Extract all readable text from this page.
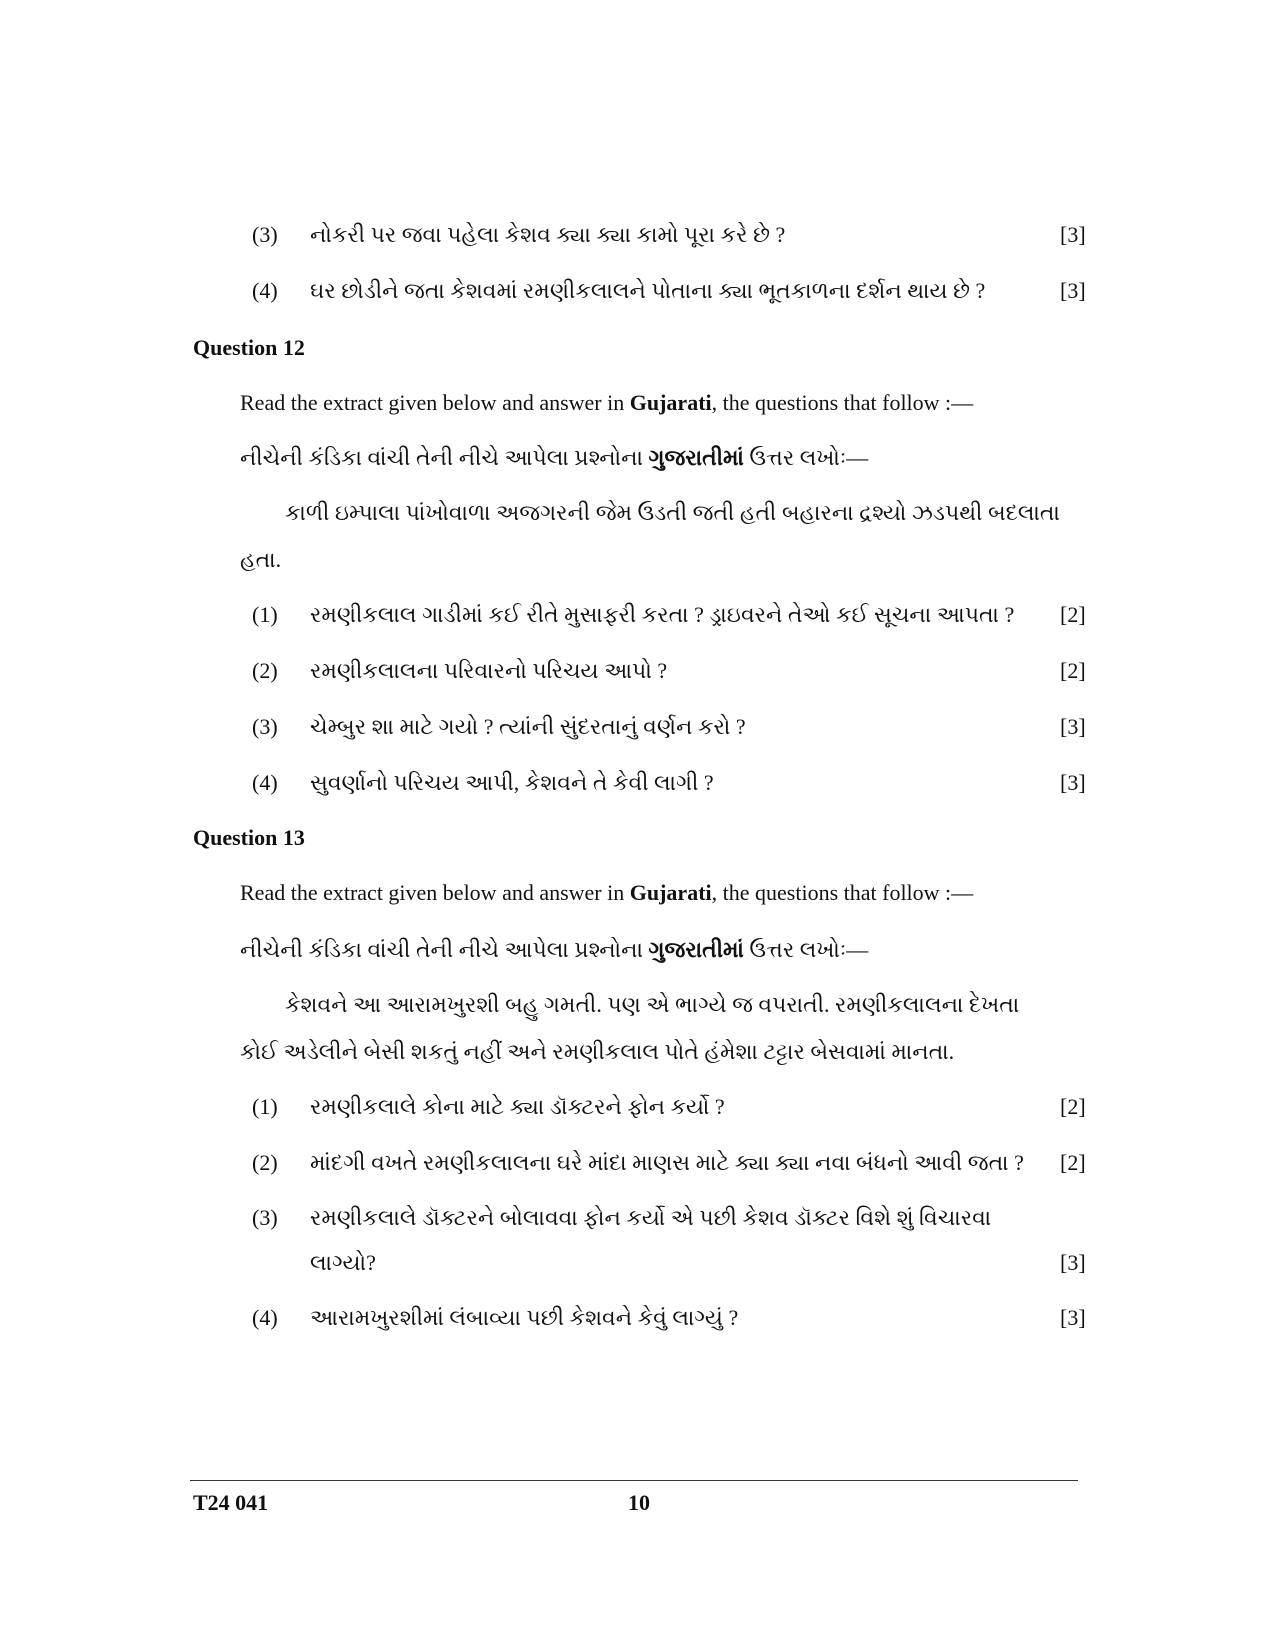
(3) નોકરી પર જવા પહેલા કેશવ ક્યા ક્યા કામો પૂરા કરે છે ?	[3]
(4) ઘર છોડીને જતા કેશવમાં રમણીકલાલને પોતાના ક્યા ભૂતકાળના દર્શન થાય છે ?	[3]
Question 12
Read the extract given below and answer in Gujarati, the questions that follow :—
નીચેની કંડિકા વાંચી તેની નીચે આપેલા પ્રશ્નોના ગુજરાતીમાં ઉત્તર લખોઃ—
કાળી ઇમ્પાલા પાંખોવાળા અજગરની જેમ ઉડતી જતી હતી બહારના દ્રશ્યો ઝડપથી બદલાતા
હતા.
(1) રમણીકલાલ ગાડીમાં કઈ રીતે મુસાફરી કરતા ? ડ્રાઇવરને તેઓ કઈ સૂચના આપતા ? [2]
(2) રમણીકલાલના પરિવારનો પરિચય આપો ?	[2]
(3) ચેમ્બુર શા માટે ગયો ? ત્યાંની સુંદરતાનું વર્ણન કરો ?	[3]
(4) સુવર્ણાનો પરિચય આપી, કેશવને તે કેવી લાગી ?	[3]
Question 13
Read the extract given below and answer in Gujarati, the questions that follow :—
નીચેની કંડિકા વાંચી તેની નીચે આપેલા પ્રશ્નોના ગુજરાતીમાં ઉત્તર લખોઃ—
કેશવને આ આરામખુરશી બહુ ગમતી. પણ એ ભાગ્યે જ વપરાતી. રમણીકલાલના દેખતા
કોઈ અડેલીને બેસી શકતું નહીં અને રમણીકલાલ પોતે હંમેશા ટટ્ટાર બેસવામાં માનતા.
(1) રમણીકલાલે કોના માટે ક્યા ડૉક્ટરને ફોન કર્યો ?	[2]
(2) માંદગી વખતે રમણીકલાલના ઘરે માંદા માણસ માટે ક્યા ક્યા નવા બંધનો આવી જતા ? [2]
(3) રમણીકલાલે ડૉક્ટરને બોલાવવા ફોન કર્યો એ પછી કેશવ ડૉક્ટર વિશે શું વિચારવા
લાગ્યો?	[3]
(4) આરામખુરશીમાં લંબાવ્યા પછી કેશવને કેવું લાગ્યું ?	[3]
T24 041	10
